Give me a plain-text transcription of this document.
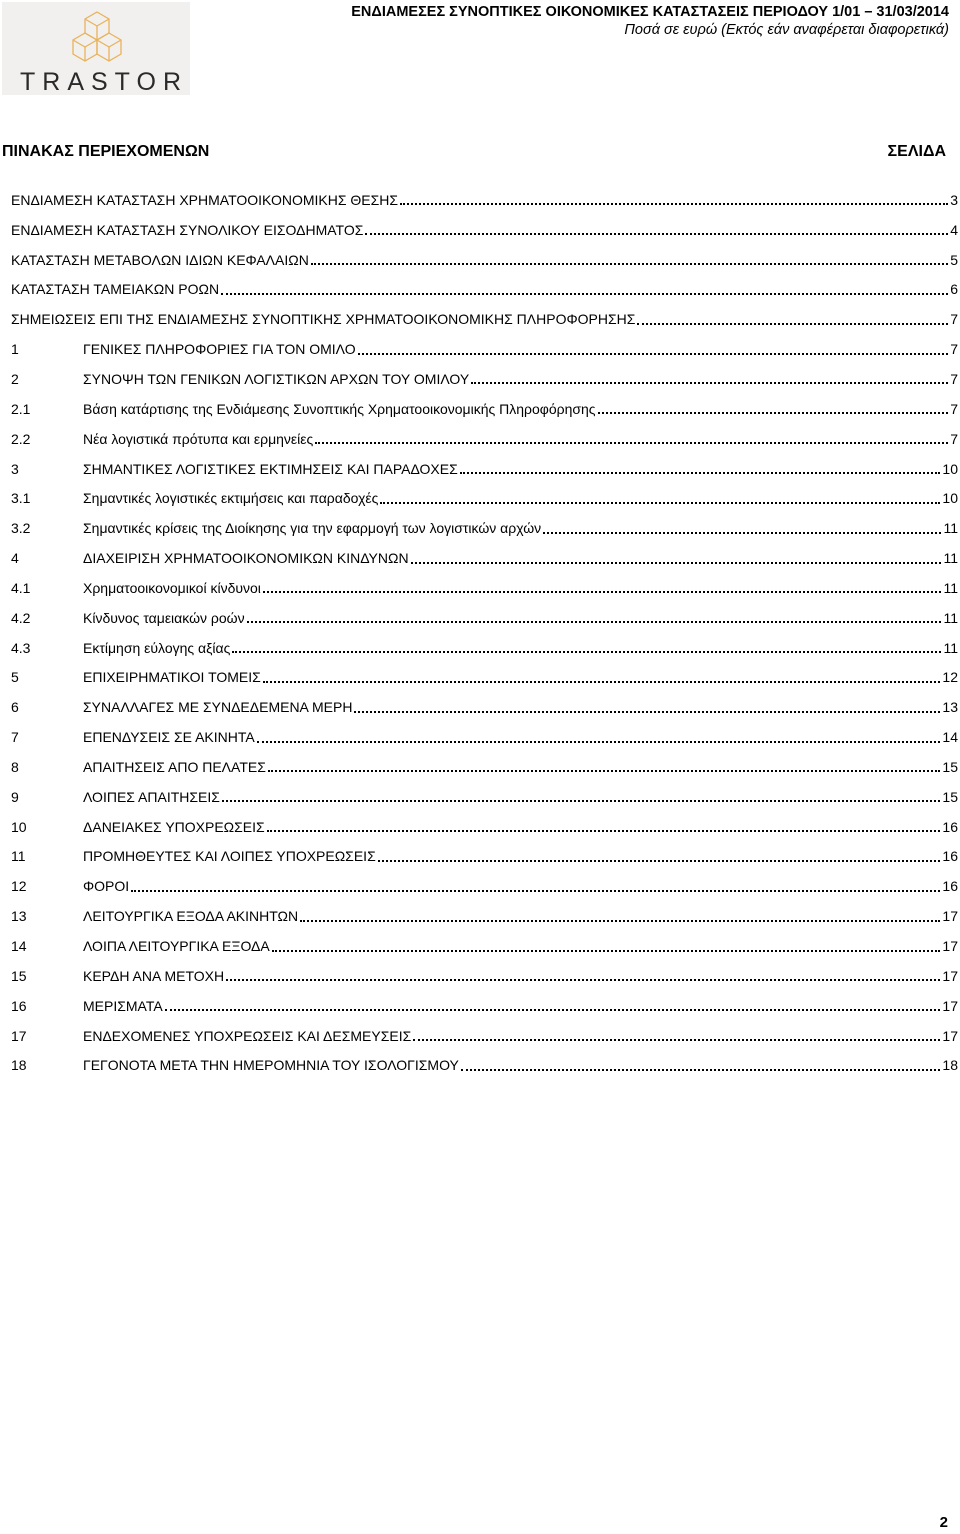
TRASTOR
ΕΝΔΙΑΜΕΣΕΣ ΣΥΝΟΠΤΙΚΕΣ ΟΙΚΟΝΟΜΙΚΕΣ ΚΑΤΑΣΤΑΣΕΙΣ ΠΕΡΙΟΔΟΥ 1/01 – 31/03/2014
Ποσά σε ευρώ (Εκτός εάν αναφέρεται διαφορετικά)
ΠΙΝΑΚΑΣ ΠΕΡΙΕΧΟΜΕΝΩΝ	ΣΕΛΙΔΑ
ΕΝΔΙΑΜΕΣΗ ΚΑΤΑΣΤΑΣΗ ΧΡΗΜΑΤΟΟΙΚΟΝΟΜΙΚΗΣ ΘΕΣΗΣ	3
ΕΝΔΙΑΜΕΣΗ ΚΑΤΑΣΤΑΣΗ ΣΥΝΟΛΙΚΟΥ ΕΙΣΟΔΗΜΑΤΟΣ	4
ΚΑΤΑΣΤΑΣΗ ΜΕΤΑΒΟΛΩΝ ΙΔΙΩΝ ΚΕΦΑΛΑΙΩΝ	5
ΚΑΤΑΣΤΑΣΗ ΤΑΜΕΙΑΚΩΝ ΡΟΩΝ	6
ΣΗΜΕΙΩΣΕΙΣ ΕΠΙ ΤΗΣ ΕΝΔΙΑΜΕΣΗΣ ΣΥΝΟΠΤΙΚΗΣ ΧΡΗΜΑΤΟΟΙΚΟΝΟΜΙΚΗΣ ΠΛΗΡΟΦΟΡΗΣΗΣ	7
1	ΓΕΝΙΚΕΣ ΠΛΗΡΟΦΟΡΙΕΣ ΓΙΑ ΤΟΝ ΟΜΙΛΟ	7
2	ΣΥΝΟΨΗ ΤΩΝ ΓΕΝΙΚΩΝ ΛΟΓΙΣΤΙΚΩΝ ΑΡΧΩΝ ΤΟΥ ΟΜΙΛΟΥ	7
2.1	Βάση κατάρτισης της Ενδιάμεσης Συνοπτικής Χρηματοοικονομικής Πληροφόρησης	7
2.2	Νέα λογιστικά πρότυπα και ερμηνείες	7
3	ΣΗΜΑΝΤΙΚΕΣ ΛΟΓΙΣΤΙΚΕΣ ΕΚΤΙΜΗΣΕΙΣ ΚΑΙ ΠΑΡΑΔΟΧΕΣ	10
3.1	Σημαντικές λογιστικές εκτιμήσεις και παραδοχές	10
3.2	Σημαντικές κρίσεις της Διοίκησης για την εφαρμογή των λογιστικών αρχών	11
4	ΔΙΑΧΕΙΡΙΣΗ ΧΡΗΜΑΤΟΟΙΚΟΝΟΜΙΚΩΝ ΚΙΝΔΥΝΩΝ	11
4.1	Χρηματοοικονομικοί κίνδυνοι	11
4.2	Κίνδυνος ταμειακών ροών	11
4.3	Εκτίμηση εύλογης αξίας	11
5	ΕΠΙΧΕΙΡΗΜΑΤΙΚΟΙ ΤΟΜΕΙΣ	12
6	ΣΥΝΑΛΛΑΓΕΣ ΜΕ ΣΥΝΔΕΔΕΜΕΝΑ ΜΕΡΗ	13
7	ΕΠΕΝΔΥΣΕΙΣ ΣΕ ΑΚΙΝΗΤΑ	14
8	ΑΠΑΙΤΗΣΕΙΣ ΑΠΟ ΠΕΛΑΤΕΣ	15
9	ΛΟΙΠΕΣ ΑΠΑΙΤΗΣΕΙΣ	15
10	ΔΑΝΕΙΑΚΕΣ ΥΠΟΧΡΕΩΣΕΙΣ	16
11	ΠΡΟΜΗΘΕΥΤΕΣ ΚΑΙ ΛΟΙΠΕΣ ΥΠΟΧΡΕΩΣΕΙΣ	16
12	ΦΟΡΟΙ	16
13	ΛΕΙΤΟΥΡΓΙΚΑ ΕΞΟΔΑ ΑΚΙΝΗΤΩΝ	17
14	ΛΟΙΠΑ ΛΕΙΤΟΥΡΓΙΚΑ ΕΞΟΔΑ	17
15	ΚΕΡΔΗ ΑΝΑ ΜΕΤΟΧΗ	17
16	ΜΕΡΙΣΜΑΤΑ	17
17	ΕΝΔΕΧΟΜΕΝΕΣ ΥΠΟΧΡΕΩΣΕΙΣ ΚΑΙ ΔΕΣΜΕΥΣΕΙΣ	17
18	ΓΕΓΟΝΟΤΑ ΜΕΤΑ ΤΗΝ ΗΜΕΡΟΜΗΝΙΑ ΤΟΥ ΙΣΟΛΟΓΙΣΜΟΥ	18
2
